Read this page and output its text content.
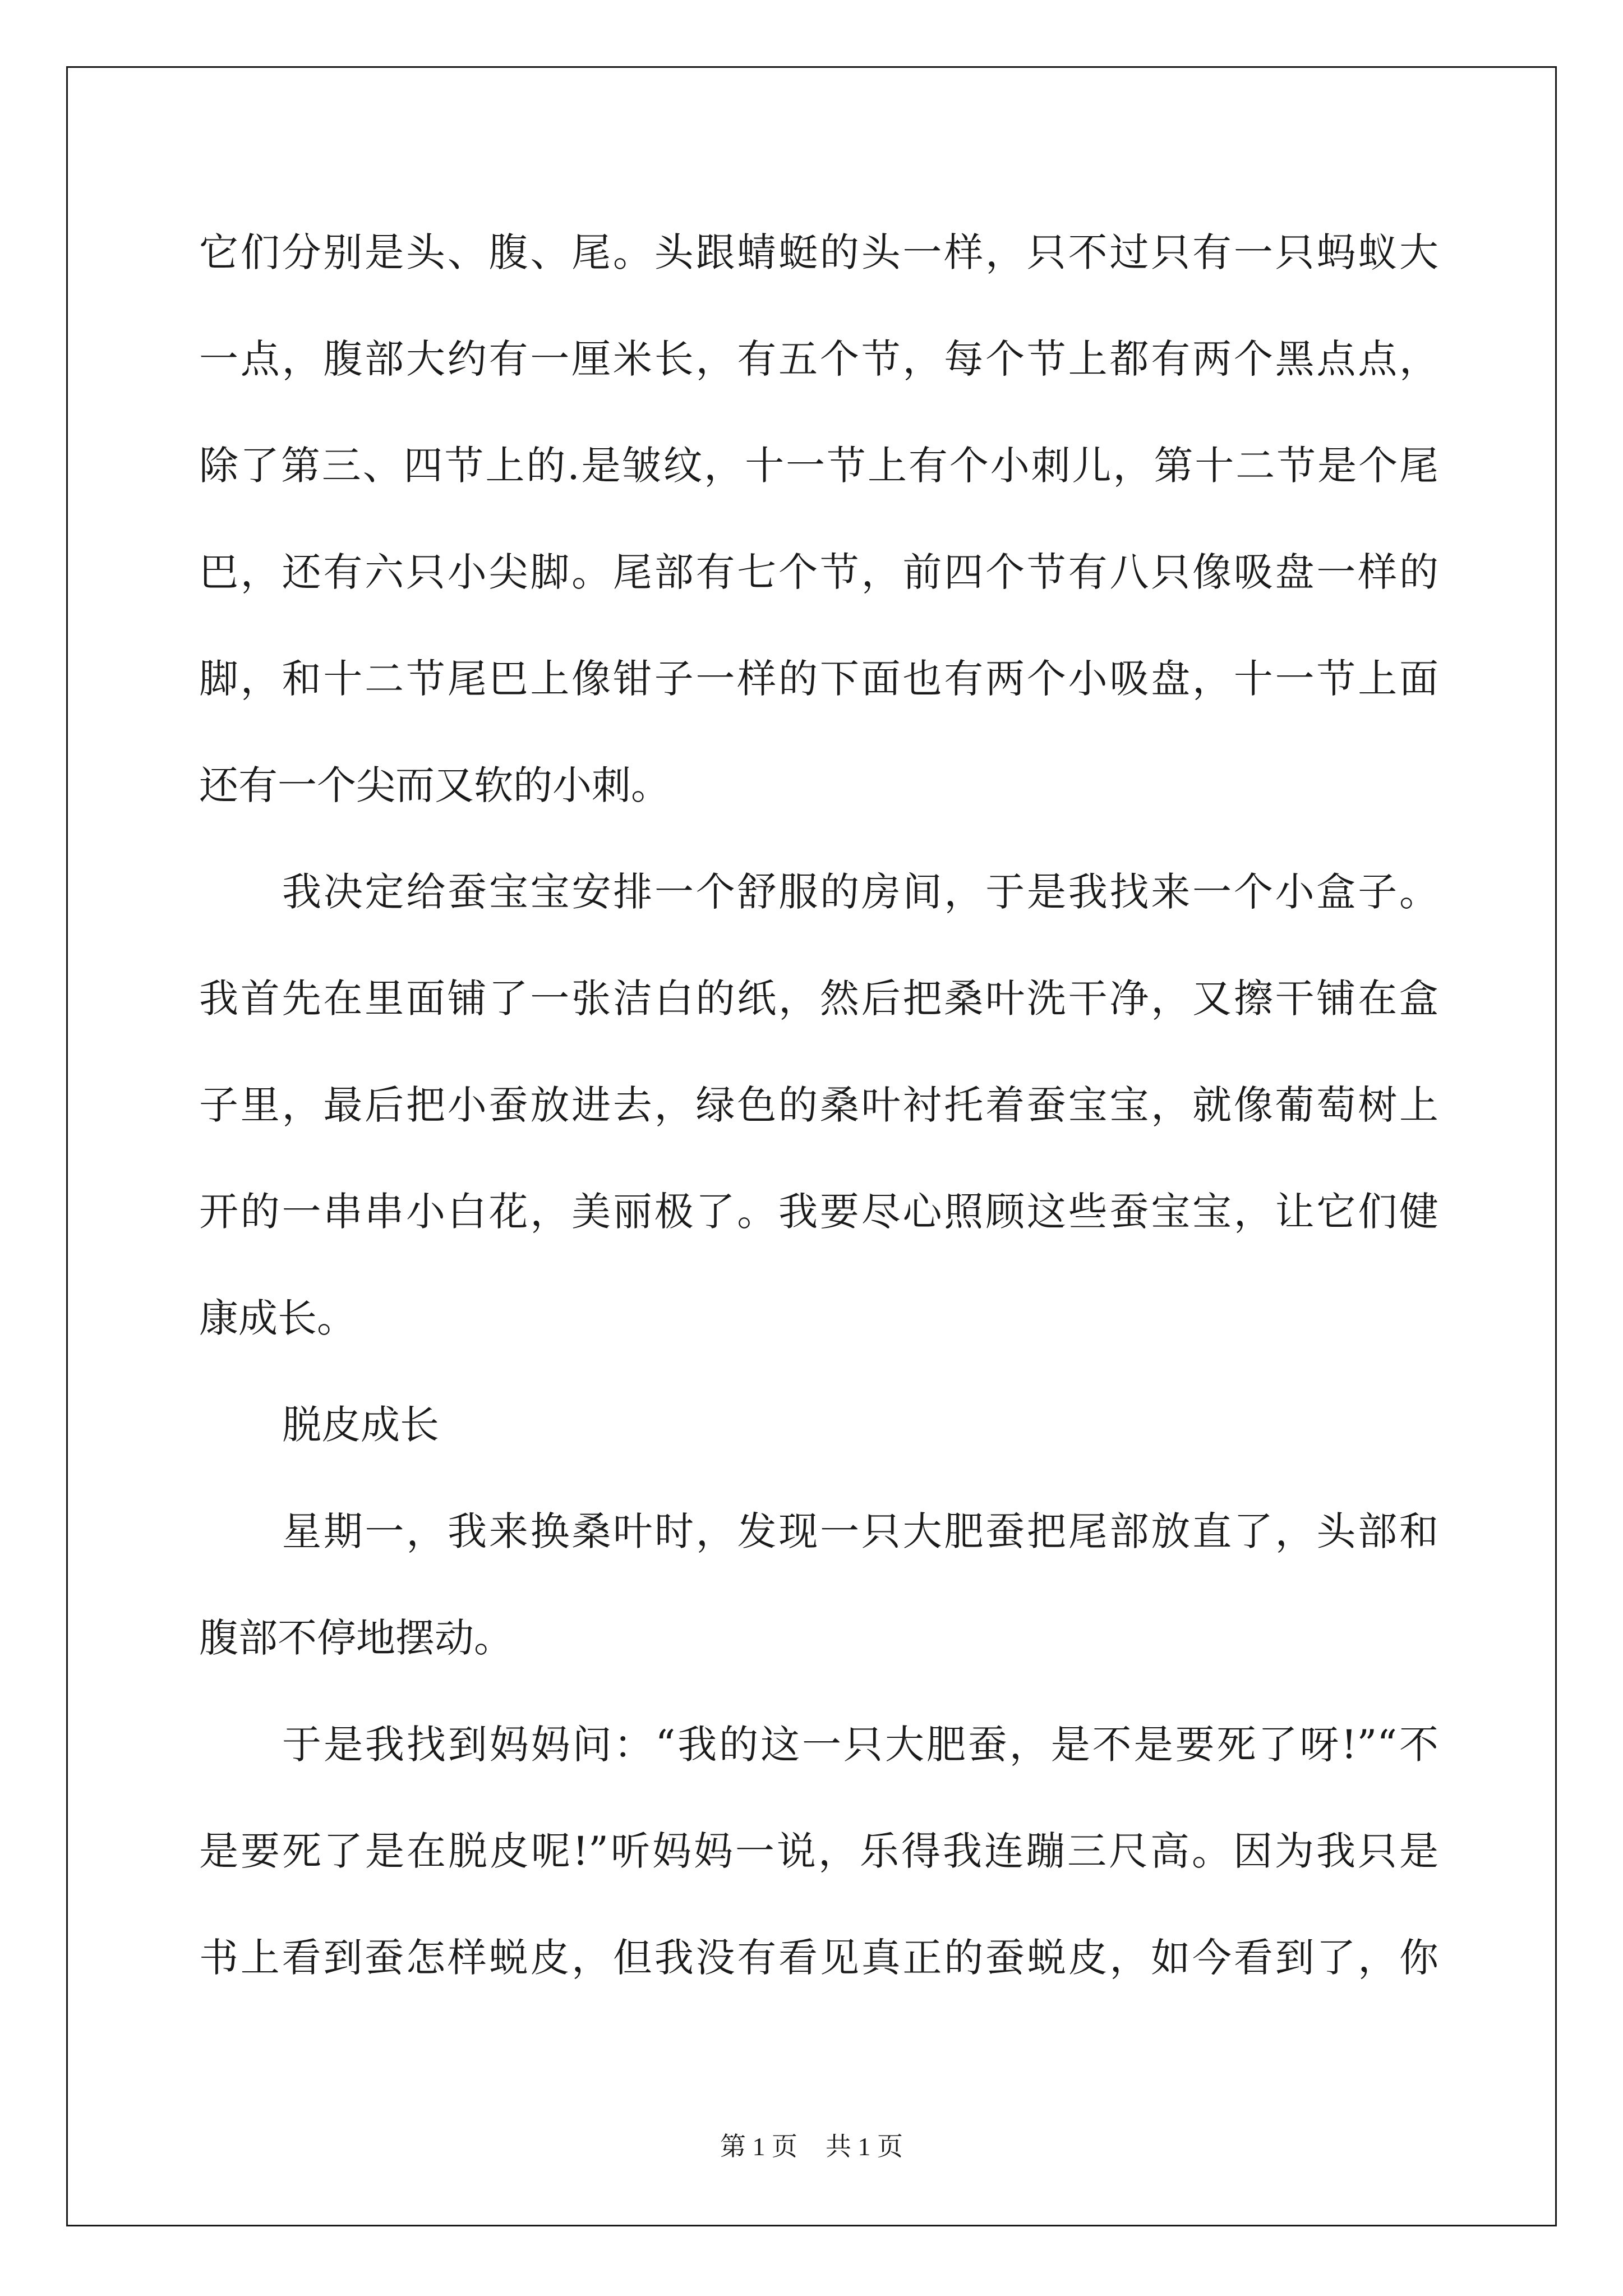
它们分别是头、腹、尾。头跟蜻蜓的头一样，只不过只有一只蚂蚁大
一点，腹部大约有一厘米长，有五个节，每个节上都有两个黑点点，
除了第三、四节上的.是皱纹，十一节上有个小刺儿，第十二节是个尾
巴，还有六只小尖脚。尾部有七个节，前四个节有八只像吸盘一样的
脚，和十二节尾巴上像钳子一样的下面也有两个小吸盘，十一节上面
还有一个尖而又软的小刺。
我决定给蚕宝宝安排一个舒服的房间，于是我找来一个小盒子。
我首先在里面铺了一张洁白的纸，然后把桑叶洗干净，又擦干铺在盒
子里，最后把小蚕放进去，绿色的桑叶衬托着蚕宝宝，就像葡萄树上
开的一串串小白花，美丽极了。我要尽心照顾这些蚕宝宝，让它们健
康成长。
脱皮成长
星期一，我来换桑叶时，发现一只大肥蚕把尾部放直了，头部和
腹部不停地摆动。
于是我找到妈妈问：“我的这一只大肥蚕，是不是要死了呀!”“不
是要死了是在脱皮呢!”听妈妈一说，乐得我连蹦三尺高。因为我只是
书上看到蚕怎样蜕皮，但我没有看见真正的蚕蜕皮，如今看到了，你
第 1 页 共 1 页
